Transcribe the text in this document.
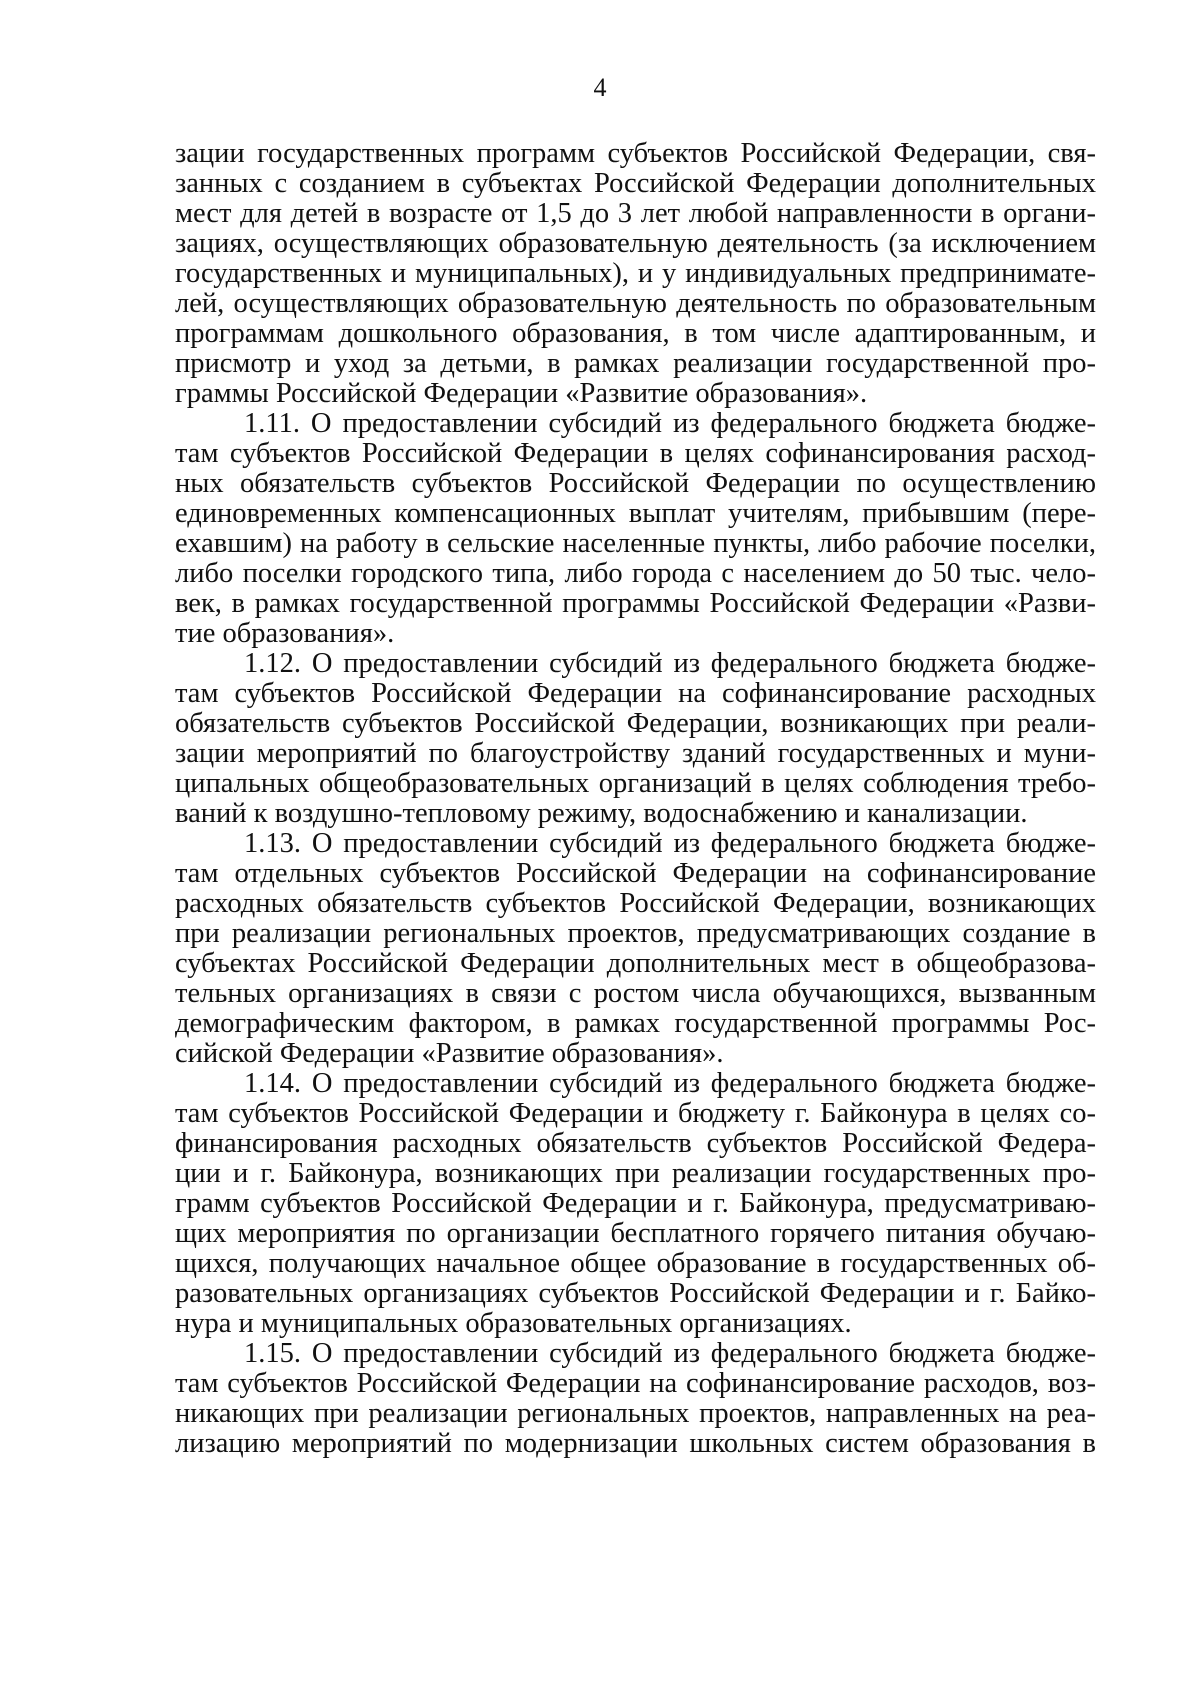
4
зации государственных программ субъектов Российской Федерации, свя-
занных с созданием в субъектах Российской Федерации дополнительных
мест для детей в возрасте от 1,5 до 3 лет любой направленности в органи-
зациях, осуществляющих образовательную деятельность (за исключением
государственных и муниципальных), и у индивидуальных предпринимате-
лей, осуществляющих образовательную деятельность по образовательным
программам дошкольного образования, в том числе адаптированным, и
присмотр и уход за детьми, в рамках реализации государственной про-
граммы Российской Федерации «Развитие образования».
1.11. О предоставлении субсидий из федерального бюджета бюдже-
там субъектов Российской Федерации в целях софинансирования расход-
ных обязательств субъектов Российской Федерации по осуществлению
единовременных компенсационных выплат учителям, прибывшим (пере-
ехавшим) на работу в сельские населенные пункты, либо рабочие поселки,
либо поселки городского типа, либо города с населением до 50 тыс. чело-
век, в рамках государственной программы Российской Федерации «Разви-
тие образования».
1.12. О предоставлении субсидий из федерального бюджета бюдже-
там субъектов Российской Федерации на софинансирование расходных
обязательств субъектов Российской Федерации, возникающих при реали-
зации мероприятий по благоустройству зданий государственных и муни-
ципальных общеобразовательных организаций в целях соблюдения требо-
ваний к воздушно-тепловому режиму, водоснабжению и канализации.
1.13. О предоставлении субсидий из федерального бюджета бюдже-
там отдельных субъектов Российской Федерации на софинансирование
расходных обязательств субъектов Российской Федерации, возникающих
при реализации региональных проектов, предусматривающих создание в
субъектах Российской Федерации дополнительных мест в общеобразова-
тельных организациях в связи с ростом числа обучающихся, вызванным
демографическим фактором, в рамках государственной программы Рос-
сийской Федерации «Развитие образования».
1.14. О предоставлении субсидий из федерального бюджета бюдже-
там субъектов Российской Федерации и бюджету г. Байконура в целях со-
финансирования расходных обязательств субъектов Российской Федера-
ции и г. Байконура, возникающих при реализации государственных про-
грамм субъектов Российской Федерации и г. Байконура, предусматриваю-
щих мероприятия по организации бесплатного горячего питания обучаю-
щихся, получающих начальное общее образование в государственных об-
разовательных организациях субъектов Российской Федерации и г. Байко-
нура и муниципальных образовательных организациях.
1.15. О предоставлении субсидий из федерального бюджета бюдже-
там субъектов Российской Федерации на софинансирование расходов, воз-
никающих при реализации региональных проектов, направленных на реа-
лизацию мероприятий по модернизации школьных систем образования в
